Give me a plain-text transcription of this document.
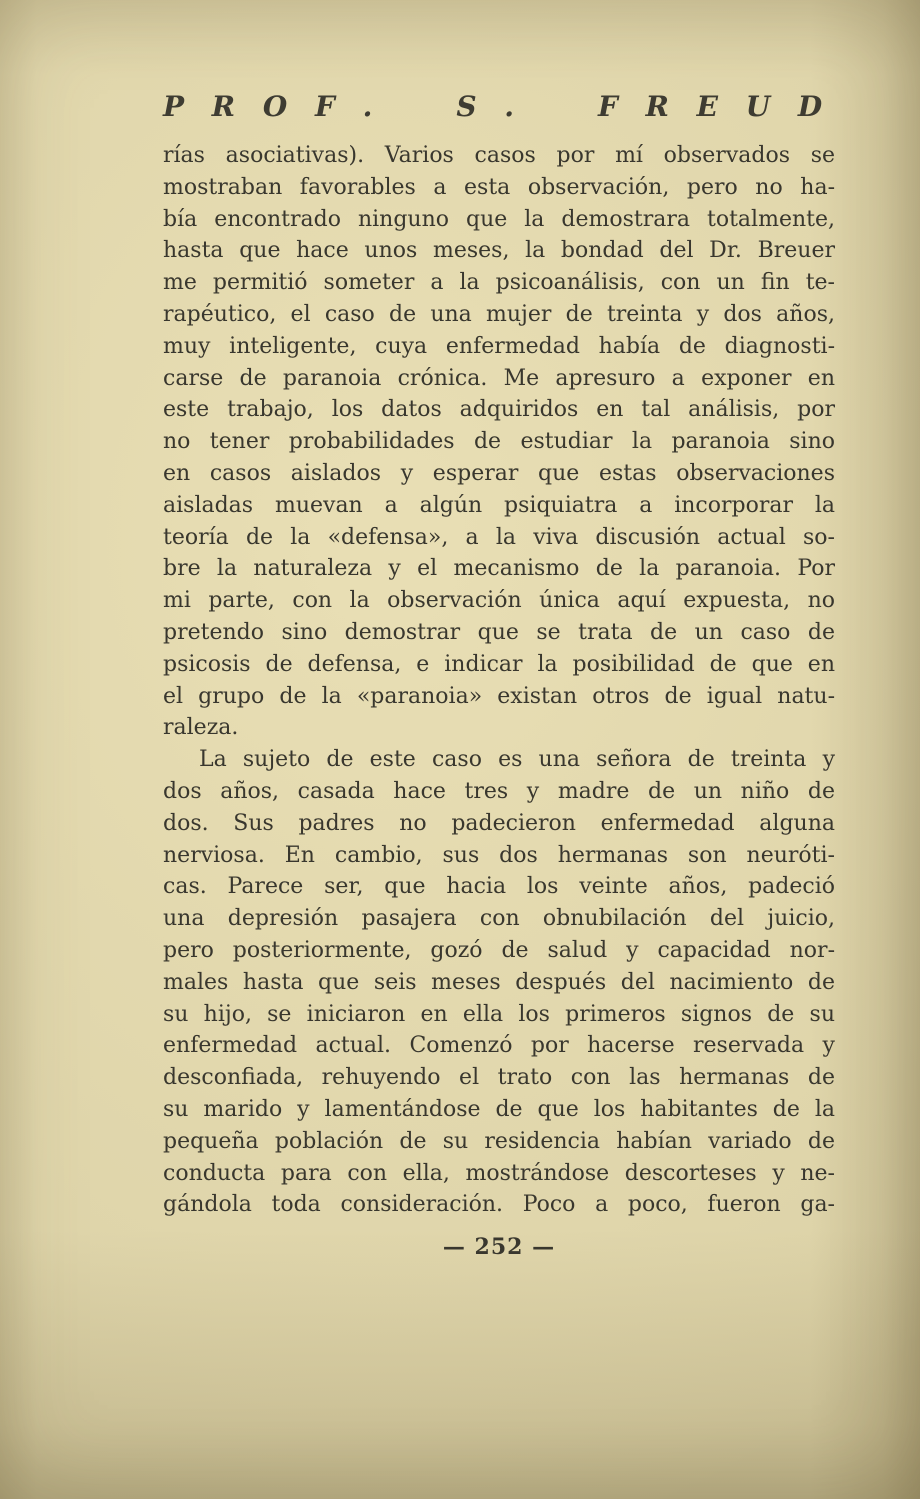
P R O F .    S .    F R E U D
rías asociativas). Varios casos por mí observados se
mostraban favorables a esta observación, pero no ha-
bía encontrado ninguno que la demostrara totalmente,
hasta que hace unos meses, la bondad del Dr. Breuer
me permitió someter a la psicoanálisis, con un fin te-
rapéutico, el caso de una mujer de treinta y dos años,
muy inteligente, cuya enfermedad había de diagnosti-
carse de paranoia crónica. Me apresuro a exponer en
este trabajo, los datos adquiridos en tal análisis, por
no tener probabilidades de estudiar la paranoia sino
en casos aislados y esperar que estas observaciones
aisladas muevan a algún psiquiatra a incorporar la
teoría de la «defensa», a la viva discusión actual so-
bre la naturaleza y el mecanismo de la paranoia. Por
mi parte, con la observación única aquí expuesta, no
pretendo sino demostrar que se trata de un caso de
psicosis de defensa, e indicar la posibilidad de que en
el grupo de la «paranoia» existan otros de igual natu-
raleza.
La sujeto de este caso es una señora de treinta y
dos años, casada hace tres y madre de un niño de
dos. Sus padres no padecieron enfermedad alguna
nerviosa. En cambio, sus dos hermanas son neuróti-
cas. Parece ser, que hacia los veinte años, padeció
una depresión pasajera con obnubilación del juicio,
pero posteriormente, gozó de salud y capacidad nor-
males hasta que seis meses después del nacimiento de
su hijo, se iniciaron en ella los primeros signos de su
enfermedad actual. Comenzó por hacerse reservada y
desconfiada, rehuyendo el trato con las hermanas de
su marido y lamentándose de que los habitantes de la
pequeña población de su residencia habían variado de
conducta para con ella, mostrándose descorteses y ne-
gándola toda consideración. Poco a poco, fueron ga-
— 252 —
